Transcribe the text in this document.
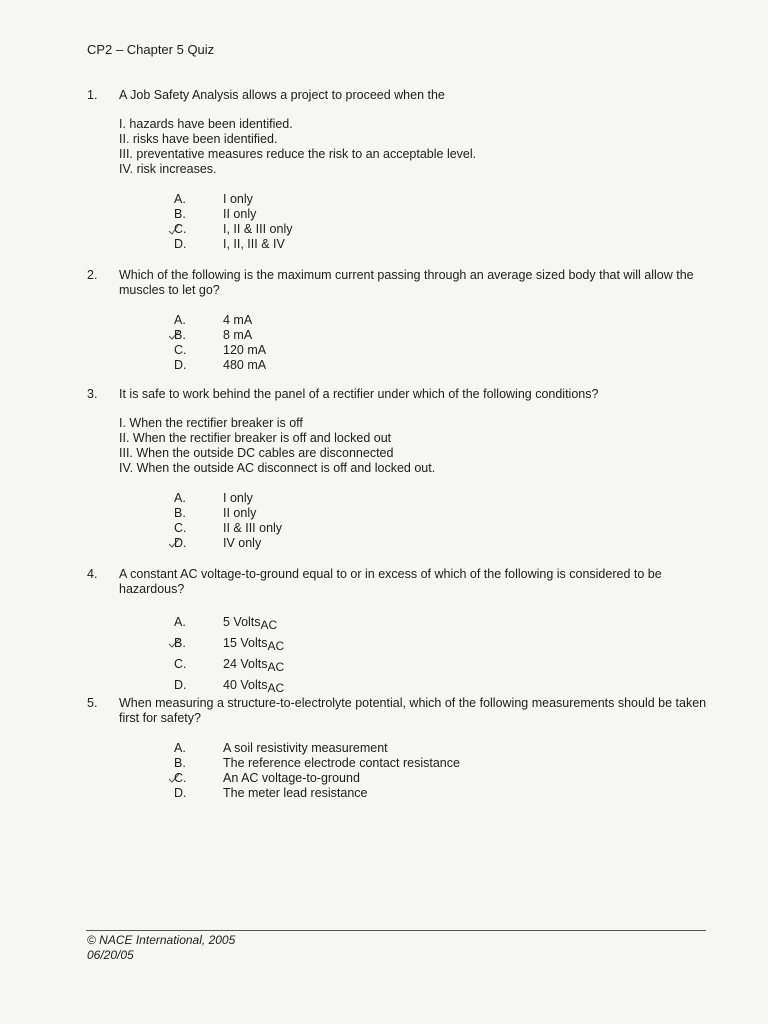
CP2 – Chapter 5 Quiz
1.	A Job Safety Analysis allows a project to proceed when the
I. hazards have been identified.
II. risks have been identified.
III. preventative measures reduce the risk to an acceptable level.
IV. risk increases.
A.	I only
B.	II only
C.	I, II & III only
D.	I, II, III & IV
2.	Which of the following is the maximum current passing through an average sized body that will allow the muscles to let go?
A.	4 mA
B.	8 mA
C.	120 mA
D.	480 mA
3.	It is safe to work behind the panel of a rectifier under which of the following conditions?
I. When the rectifier breaker is off
II. When the rectifier breaker is off and locked out
III. When the outside DC cables are disconnected
IV. When the outside AC disconnect is off and locked out.
A.	I only
B.	II only
C.	II & III only
D.	IV only
4.	A constant AC voltage-to-ground equal to or in excess of which of the following is considered to be hazardous?
A.	5 Volts$_{AC}$
B.	15 Volts$_{AC}$
C.	24 Volts$_{AC}$
D.	40 Volts$_{AC}$
5.	When measuring a structure-to-electrolyte potential, which of the following measurements should be taken first for safety?
A.	A soil resistivity measurement
B.	The reference electrode contact resistance
C.	An AC voltage-to-ground
D.	The meter lead resistance
© NACE International, 2005
06/20/05
